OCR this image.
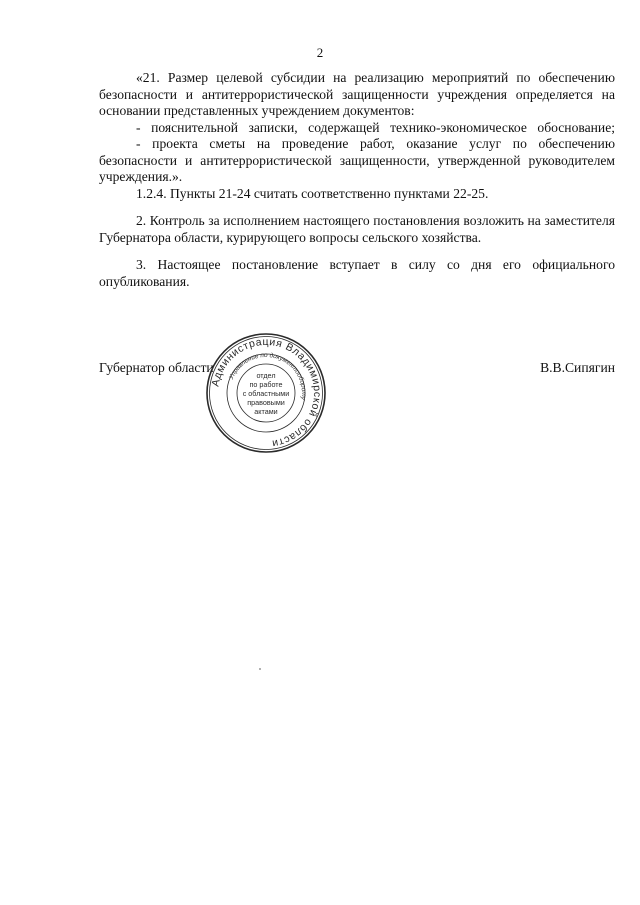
2

«21. Размер целевой субсидии на реализацию мероприятий по обеспечению безопасности и антитеррористической защищенности учреждения определяется на основании представленных учреждением документов:

- пояснительной записки, содержащей технико-экономическое обоснование;

- проекта сметы на проведение работ, оказание услуг по обеспечению безопасности и антитеррористической защищенности, утвержденной руководителем учреждения.».

1.2.4. Пункты 21-24 считать соответственно пунктами 22-25.

2. Контроль за исполнением настоящего постановления возложить на заместителя Губернатора области, курирующего вопросы сельского хозяйства.

3. Настоящее постановление вступает в силу со дня его официального опубликования.

Губернатор области	В.В.Сипягин
Администрация Владимирской области
Управление по документообороту
отдел
по работе
с областными
правовыми
актами
